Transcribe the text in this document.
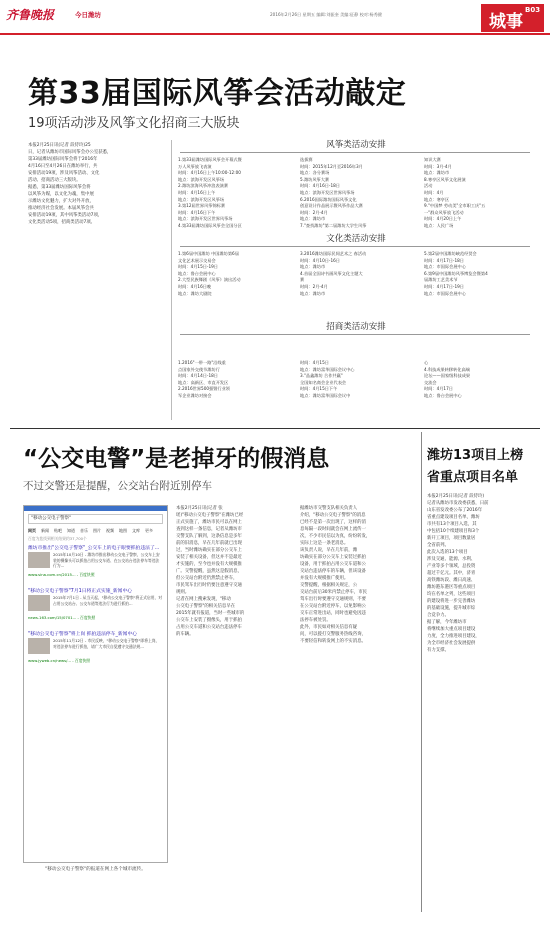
齐鲁晚报	今日潍坊	2016年2月26日 星期五 编辑:刘振奎 美编:征静 校对:杨秀健	城事
B03
第33届国际风筝会活动敲定
19项活动涉及风筝文化招商三大版块

本报2月25日讯(记者 段侍玲)25

日，记者从潍坊市国际风筝会办公室获悉，

第33届潍坊国际风筝会将于2016年

4月16日至4月26日在潍坊举行，共

安排活动19项，涉及风筝活动、文化

活动、招商活动三大版块。

据悉，第33届潍坊国际风筝会将

以风筝为媒，以文化为魂，集中展

示潍坊文化魅力，扩大对外开放，

推动经济社会发展。本届风筝会共

安排活动19项，其中风筝类活动7项，

文化类活动5项，招商类活动7项。

风筝类活动安排

1.第33届潍坊国际风筝会开幕式暨

万人风筝放飞表演

时间：4月16日上午10:00-12:00

地点：滨海开发区风筝场

2.潍坊滨海风筝冲浪表演赛

时间：4月16日上午

地点：滨海开发区风筝场

3.第12届世界风筝锦标赛

时间：4月16日下午

地点：滨海开发区世界风筝场

4.第33届潍坊国际风筝会全国分区

选拔赛

时间：2015年12月至2016年3月

地点：各分赛场

5.潍坊风筝大赛

时间：4月16日-18日

地点：滨海开发区世界风筝场

6.2016国际潍坊国际风筝文化

创意设计作品展示暨风筝作品大赛

时间：2月-4月

地点：潍坊市

7."查找潍坊"第二届潍坊大学生风筝

知识大赛

时间：3月-4月

地点：潍坊市

8.寒亭区风筝文化展演

活动

时间：4月

地点：寒亭区

9."中国梦 劳动美"全市职工庆"五

一"群众风筝放飞活动

时间：4月20日上午

地点：人民广场

文化类活动安排

1.第6届中国潍坊 中国潍坊第6届

文化艺术展示交易会

时间：4月15日-19日

地点：鲁台会展中心

2.大型民族舞剧《风筝》演出活动

时间：4月16日晚

地点：潍坊大剧院

3.2016潍坊国际民间艺术之 春活动

时间：4月10日-16日

地点：潍坊市

4.首届全国诗书画风筝文化主题大

赛

时间：2月-4月

地点：潍坊市

5.第2届中国潍坊峡范经贸会

时间：4月17日-18日

地点：市国际会展中心

6.第9届中国潍坊风筝博览会暨第4

届潍坊工艺美术节

时间：4月17日-19日

地点：市国际会展中心

招商类活动安排

1.2016"一带一路"沿线重

点国家外交使节潍坊行

时间：4月14日-18日

地点：高新区、市直开发区

2.2016世界500强暨行业领

军企业潍坊对接会

时间：4月15日

地点：潍坊富华国际会议中心

3."品鑫潍坊 合作共赢"

全国知名商会企业代表会

时间：4月15日下午

地点：潍坊富华国际会议中

心

4.科技成果转移转化高端

论坛——国家级科技成果

交流会

时间：4月17日

地点：鲁台会展中心

“公交电警”是老掉牙的假消息
不过交警还是提醒，公交站台附近别停车
"移动公交电子警察"
网页 新闻 贴吧 知道 音乐 图片 视频 地图 文库 更多
百度为您找到相关结果约37,700个
潍坊市推出"公交电子警察"_公交车上的电子眼要抓拍违法了...
2015年10月10日 - 潍坊市推出移动公交电子警察，公交车上安装的摄像头可以抓拍占用公交车道、在公交站台违法停车等违法行为...
www.sina.com.cn/2015... - 百度快照
"移动公交电子警察"7月1日将正式实施_新闻中心
2015年7月1日 - 从当天起，"移动公交电子警察"将正式启用，对占用公交站台、公交车道等违法行为进行抓拍...
news.163.com/15/0701... - 百度快照
"移动公交电子警察"将上岗 抓拍违法停车_新闻中心
2015年11月12日 - 市民反映，"移动公交电子警察"即将上岗，对违法停车进行抓拍，请广大市民自觉遵守交通法规...
www.jyweb.cn/news/... - 百度快照
"移动公交电子警察"的报道在网上各个城市流传。

本报2月25日讯(记者 张

瑶)"移动公交电子警察"在潍坊已经

正式实施了，潍坊市民可以在网上

查到这样一条信息，记者从潍坊市

交警支队了解到，这条信息是多年

前的旧消息，早在几年前就已出现

过，当时潍坊确实在部分公交车上

安装了相关设备，但这并不是最近

才实施的，至今也并没有大规模推

广。交警提醒，虽然这是假消息，

但公交站台附近仍然禁止停车，

市民驾车出行时仍要注意遵守交通

规则。

记者在网上搜索发现，"移动

公交电子警察"的相关信息早在

2015年就有报道，当时一些城市的

公交车上安装了摄像头，用于抓拍

占用公交车道和公交站台违法停车

的车辆。

据潍坊市交警支队相关负责人

介绍，"移动公交电子警察"的消息

已经不是第一次出现了，这样的消

息每隔一段时间就会在网上流传一

次，不少市民信以为真，纷纷转发，

实际上这是一条老消息。

该负责人说，早在几年前，潍

坊确实在部分公交车上安装过抓拍

设备，用于抓拍占用公交车道和公

交站台违法停车的车辆，但该设备

并没有大规模推广使用。

交警提醒，根据相关规定，公

交站台前后30米内禁止停车，市民

驾车出行时要遵守交通规则，不要

在公交站台附近停车，以免影响公

交车正常进出站，同时也避免因违

法停车被处罚。

此外，市民如对相关信息有疑

问，可以拨打交警服务热线咨询，

不要轻信和转发网上的不实消息。

潍坊13项目上榜
省重点项目名单

本报2月25日讯(记者 段侍玲)

记者从潍坊市发改委获悉，日前

山东省发改委公布了2016年

省重点建设项目名单，潍坊

市共有13个项目入选，其

中包括10个续建项目和3个

新开工项目，项目数量居

全省前列。

此次入选的13个项目

涉及交通、能源、水利、

产业等多个领域，总投资

超过千亿元。其中，济青

高铁潍坊段、潍日高速、

潍坊港东港区等重点项目

均在名单之列，这些项目

的建设将进一步完善潍坊

的基础设施，提升城市综

合竞争力。

据了解，今年潍坊市

将继续加大重点项目建设

力度，全力推进项目建设，

为全市经济社会发展提供

有力支撑。
